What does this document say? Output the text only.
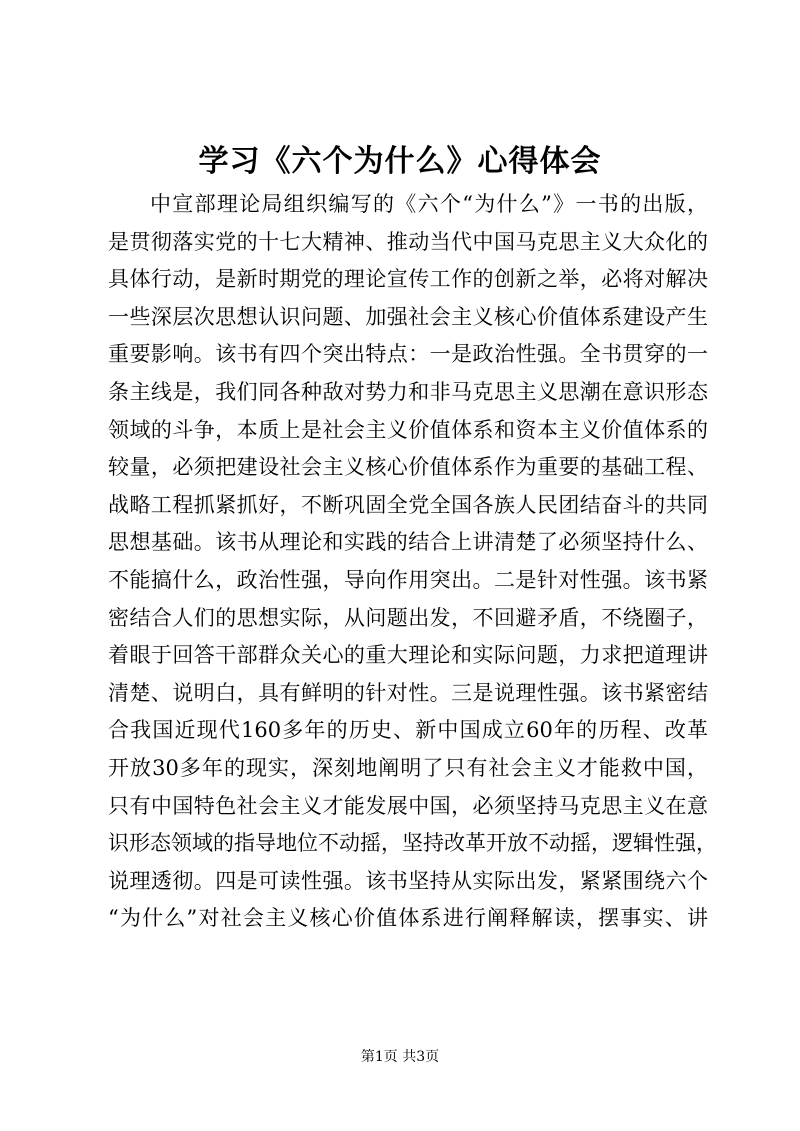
学习《六个为什么》心得体会
中宣部理论局组织编写的《六个“为什么”》一书的出版，
是贯彻落实党的十七大精神、推动当代中国马克思主义大众化的
具体行动，是新时期党的理论宣传工作的创新之举，必将对解决
一些深层次思想认识问题、加强社会主义核心价值体系建设产生
重要影响。该书有四个突出特点：一是政治性强。全书贯穿的一
条主线是，我们同各种敌对势力和非马克思主义思潮在意识形态
领域的斗争，本质上是社会主义价值体系和资本主义价值体系的
较量，必须把建设社会主义核心价值体系作为重要的基础工程、
战略工程抓紧抓好，不断巩固全党全国各族人民团结奋斗的共同
思想基础。该书从理论和实践的结合上讲清楚了必须坚持什么、
不能搞什么，政治性强，导向作用突出。二是针对性强。该书紧
密结合人们的思想实际，从问题出发，不回避矛盾，不绕圈子，
着眼于回答干部群众关心的重大理论和实际问题，力求把道理讲
清楚、说明白，具有鲜明的针对性。三是说理性强。该书紧密结
合我国近现代160多年的历史、新中国成立60年的历程、改革
开放30多年的现实，深刻地阐明了只有社会主义才能救中国，
只有中国特色社会主义才能发展中国，必须坚持马克思主义在意
识形态领域的指导地位不动摇，坚持改革开放不动摇，逻辑性强，
说理透彻。四是可读性强。该书坚持从实际出发，紧紧围绕六个
“为什么”对社会主义核心价值体系进行阐释解读，摆事实、讲
第1页 共3页
